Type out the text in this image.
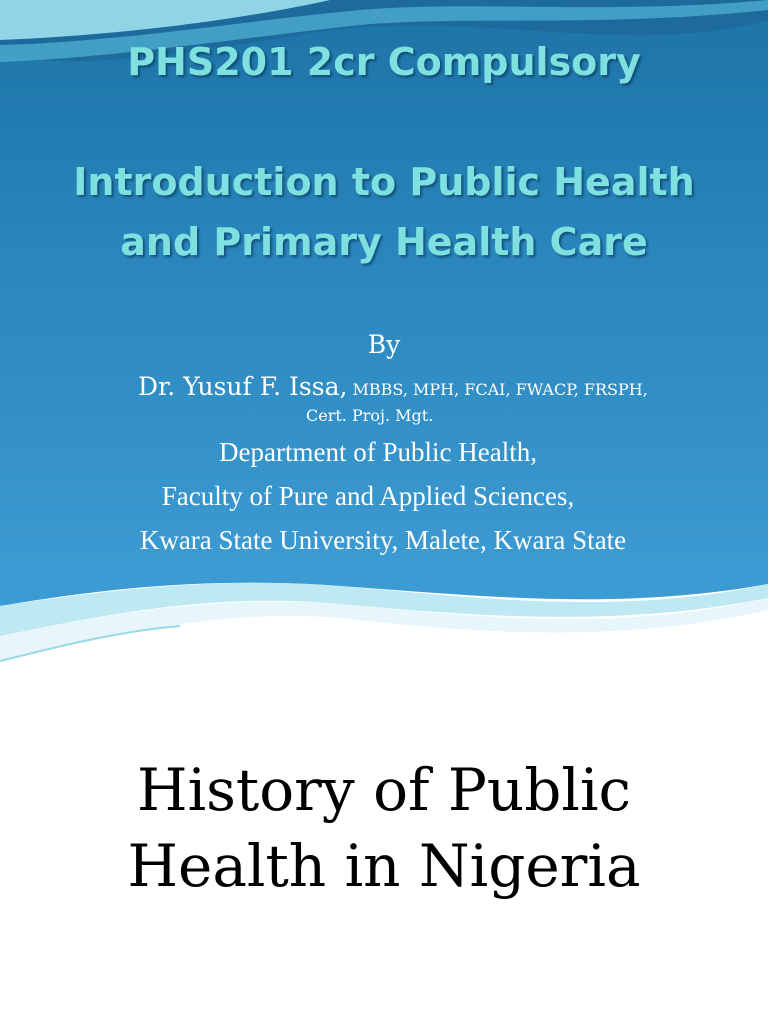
PHS201 2cr Compulsory
Introduction to Public Health
and Primary Health Care
By
Dr. Yusuf F. Issa, MBBS, MPH, FCAI, FWACP, FRSPH,
Cert. Proj. Mgt.
Department of Public Health,
Faculty of Pure and Applied Sciences,
Kwara State University, Malete, Kwara State
History of Public
Health in Nigeria
